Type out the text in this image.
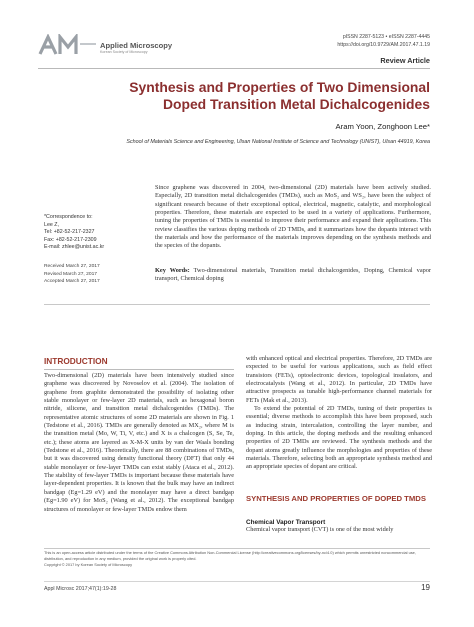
Applied Microscopy
Korean Society of Microscopy
pISSN 2287-5123 • eISSN 2287-4445
https://doi.org/10.9729/AM.2017.47.1.19
Review Article
Synthesis and Properties of Two Dimensional
Doped Transition Metal Dichalcogenides
Aram Yoon, Zonghoon Lee*
School of Materials Science and Engineering, Ulsan National Institute of Science and Technology (UNIST), Ulsan 44919, Korea
*Correspondence to:
Lee Z,
Tel: +82-52-217-2327
Fax: +82-52-217-2309
E-mail: zhlee@unist.ac.kr
Received March 27, 2017
Revised March 27, 2017
Accepted March 27, 2017
Since graphene was discovered in 2004, two-dimensional (2D) materials have been actively studied. Especially, 2D transition metal dichalcogenides (TMDs), such as MoS₂ and WS₂, have been the subject of significant research because of their exceptional optical, electrical, magnetic, catalytic, and morphological properties. Therefore, these materials are expected to be used in a variety of applications. Furthermore, tuning the properties of TMDs is essential to improve their performance and expand their applications. This review classifies the various doping methods of 2D TMDs, and it summarizes how the dopants interact with the materials and how the performance of the materials improves depending on the synthesis methods and the species of the dopants.
Key Words: Two-dimensional materials, Transition metal dichalcogenides, Doping, Chemical vapor transport, Chemical doping
INTRODUCTION
Two-dimensional (2D) materials have been intensively studied since graphene was discovered by Novoselov et al. (2004). The isolation of graphene from graphite demonstrated the possibility of isolating other stable monolayer or few-layer 2D materials, such as hexagonal boron nitride, silicene, and transition metal dichalcogenides (TMDs). The representative atomic structures of some 2D materials are shown in Fig. 1 (Tedstone et al., 2016). TMDs are generally denoted as MX₂, where M is the transition metal (Mo, W, Ti, V, etc.) and X is a chalcogen (S, Se, Te, etc.); these atoms are layered as X-M-X units by van der Waals bonding (Tedstone et al., 2016). Theoretically, there are 88 combinations of TMDs, but it was discovered using density functional theory (DFT) that only 44 stable monolayer or few-layer TMDs can exist stably (Ataca et al., 2012). The stability of few-layer TMDs is important because these materials have layer-dependent properties. It is known that the bulk may have an indirect bandgap (Eg=1.29 eV) and the monolayer may have a direct bandgap (Eg=1.90 eV) for MoS₂ (Wang et al., 2012). The exceptional bandgap structures of monolayer or few-layer TMDs endow them

with enhanced optical and electrical properties. Therefore, 2D TMDs are expected to be useful for various applications, such as field effect transistors (FETs), optoelectronic devices, topological insulators, and electrocatalysts (Wang et al., 2012). In particular, 2D TMDs have attractive prospects as tunable high-performance channel materials for FETs (Mak et al., 2013).

To extend the potential of 2D TMDs, tuning of their properties is essential; diverse methods to accomplish this have been proposed, such as inducing strain, intercalation, controlling the layer number, and doping. In this article, the doping methods and the resulting enhanced properties of 2D TMDs are reviewed. The synthesis methods and the dopant atoms greatly influence the morphologies and properties of these materials. Therefore, selecting both an appropriate synthesis method and an appropriate species of dopant are critical.

SYNTHESIS AND PROPERTIES OF DOPED TMDS
Chemical Vapor Transport
Chemical vapor transport (CVT) is one of the most widely
This is an open-access article distributed under the terms of the Creative Commons Attribution Non-Commercial License (http://creativecommons.org/licenses/by-nc/4.0) which permits unrestricted noncommercial use, distribution, and reproduction in any medium, provided the original work is properly cited.
Copyright © 2017 by Korean Society of Microscopy
Appl Microsc 2017;47(1):19-28	19
